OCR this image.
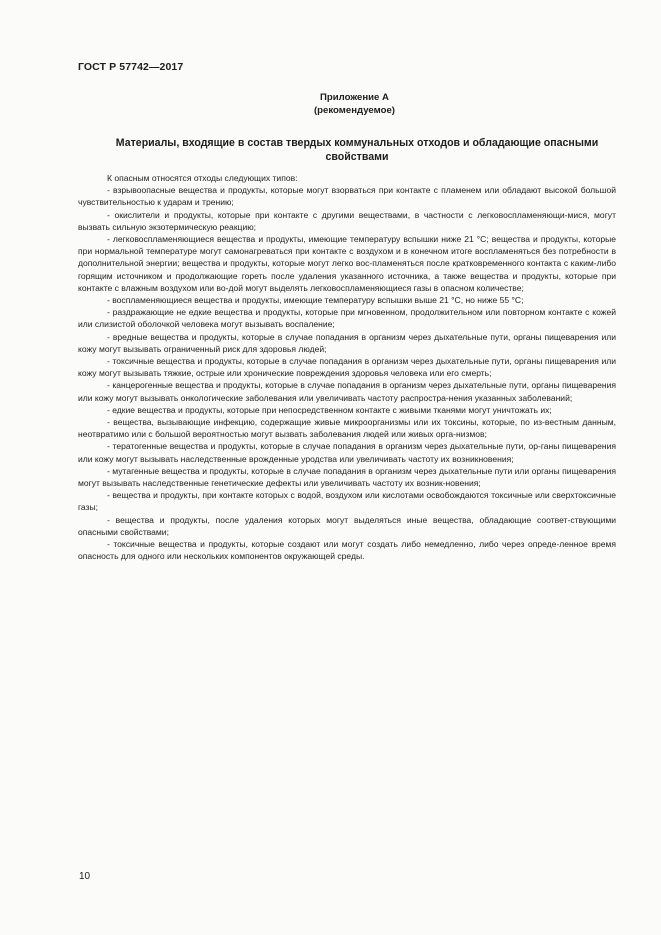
ГОСТ Р 57742—2017
Приложение А
(рекомендуемое)
Материалы, входящие в состав твердых коммунальных отходов и обладающие опасными свойствами

К опасным относятся отходы следующих типов:

- взрывоопасные вещества и продукты, которые могут взорваться при контакте с пламенем или обладают высокой большой чувствительностью к ударам и трению;

- окислители и продукты, которые при контакте с другими веществами, в частности с легковоспламеняющи-мися, могут вызвать сильную экзотермическую реакцию;

- легковоспламеняющиеся вещества и продукты, имеющие температуру вспышки ниже 21 °С; вещества и продукты, которые при нормальной температуре могут самонагреваться при контакте с воздухом и в конечном итоге воспламеняться без потребности в дополнительной энергии; вещества и продукты, которые могут легко вос-пламеняться после кратковременного контакта с каким-либо горящим источником и продолжающие гореть после удаления указанного источника, а также вещества и продукты, которые при контакте с влажным воздухом или во-дой могут выделять легковоспламеняющиеся газы в опасном количестве;

- воспламеняющиеся вещества и продукты, имеющие температуру вспышки выше 21 °С, но ниже 55 °С;

- раздражающие не едкие вещества и продукты, которые при мгновенном, продолжительном или повторном контакте с кожей или слизистой оболочкой человека могут вызывать воспаление;

- вредные вещества и продукты, которые в случае попадания в организм через дыхательные пути, органы пищеварения или кожу могут вызывать ограниченный риск для здоровья людей;

- токсичные вещества и продукты, которые в случае попадания в организм через дыхательные пути, органы пищеварения или кожу могут вызывать тяжкие, острые или хронические повреждения здоровья человека или его смерть;

- канцерогенные вещества и продукты, которые в случае попадания в организм через дыхательные пути, органы пищеварения или кожу могут вызывать онкологические заболевания или увеличивать частоту распростра-нения указанных заболеваний;

- едкие вещества и продукты, которые при непосредственном контакте с живыми тканями могут уничтожать их;

- вещества, вызывающие инфекцию, содержащие живые микроорганизмы или их токсины, которые, по из-вестным данным, неотвратимо или с большой вероятностью могут вызвать заболевания людей или живых орга-низмов;

- тератогенные вещества и продукты, которые в случае попадания в организм через дыхательные пути, ор-ганы пищеварения или кожу могут вызывать наследственные врожденные уродства или увеличивать частоту их возникновения;

- мутагенные вещества и продукты, которые в случае попадания в организм через дыхательные пути или органы пищеварения могут вызывать наследственные генетические дефекты или увеличивать частоту их возник-новения;

- вещества и продукты, при контакте которых с водой, воздухом или кислотами освобождаются токсичные или сверхтоксичные газы;

- вещества и продукты, после удаления которых могут выделяться иные вещества, обладающие соответ-ствующими опасными свойствами;

- токсичные вещества и продукты, которые создают или могут создать либо немедленно, либо через опреде-ленное время опасность для одного или нескольких компонентов окружающей среды.

10
